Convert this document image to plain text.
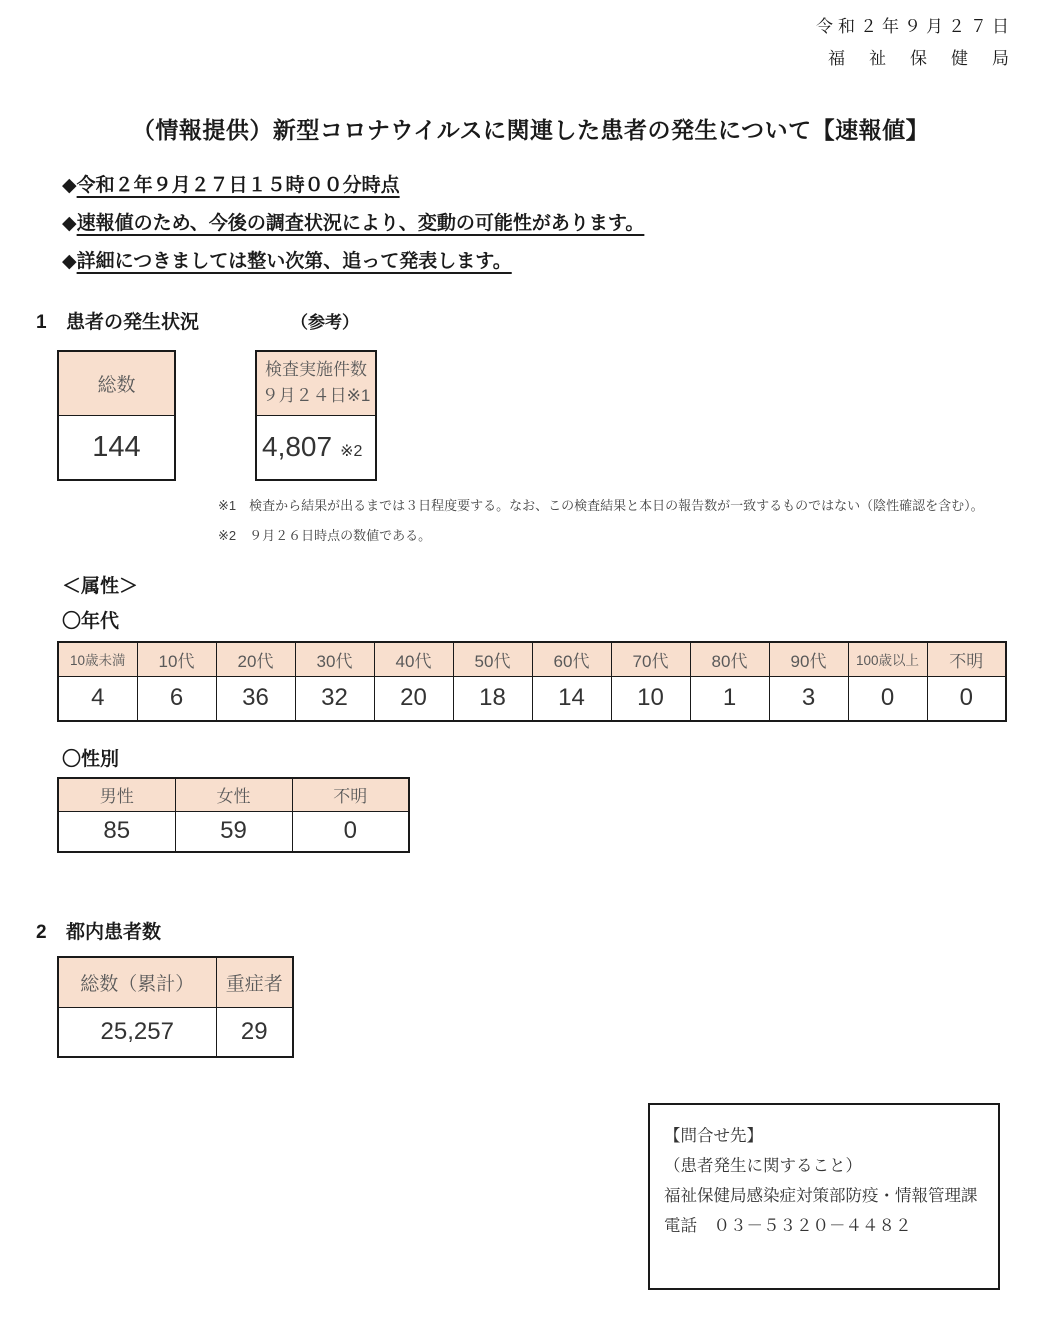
令和２年９月２７日
福祉保健局
（情報提供）新型コロナウイルスに関連した患者の発生について【速報値】
◆令和２年９月２７日１５時００分時点
◆速報値のため、今後の調査状況により、変動の可能性があります。
◆詳細につきましては整い次第、追って発表します。
1 患者の発生状況	（参考）
総数
144
検査実施件数
９月２４日※1

4,807 ※2
※1　検査から結果が出るまでは３日程度要する。なお、この検査結果と本日の報告数が一致するものではない（陰性確認を含む）。
※2　９月２６日時点の数値である。
＜属性＞
〇年代
10歳未満	10代	20代	30代	40代	50代	60代	70代	80代	90代	100歳以上	不明
4	6	36	32	20	18	14	10	1	3	0	0
〇性別
男性	女性	不明
85	59	0
2 都内患者数
総数（累計）	重症者
25,257	29
【問合せ先】
（患者発生に関すること）
福祉保健局感染症対策部防疫・情報管理課
電話　０３－５３２０－４４８２
